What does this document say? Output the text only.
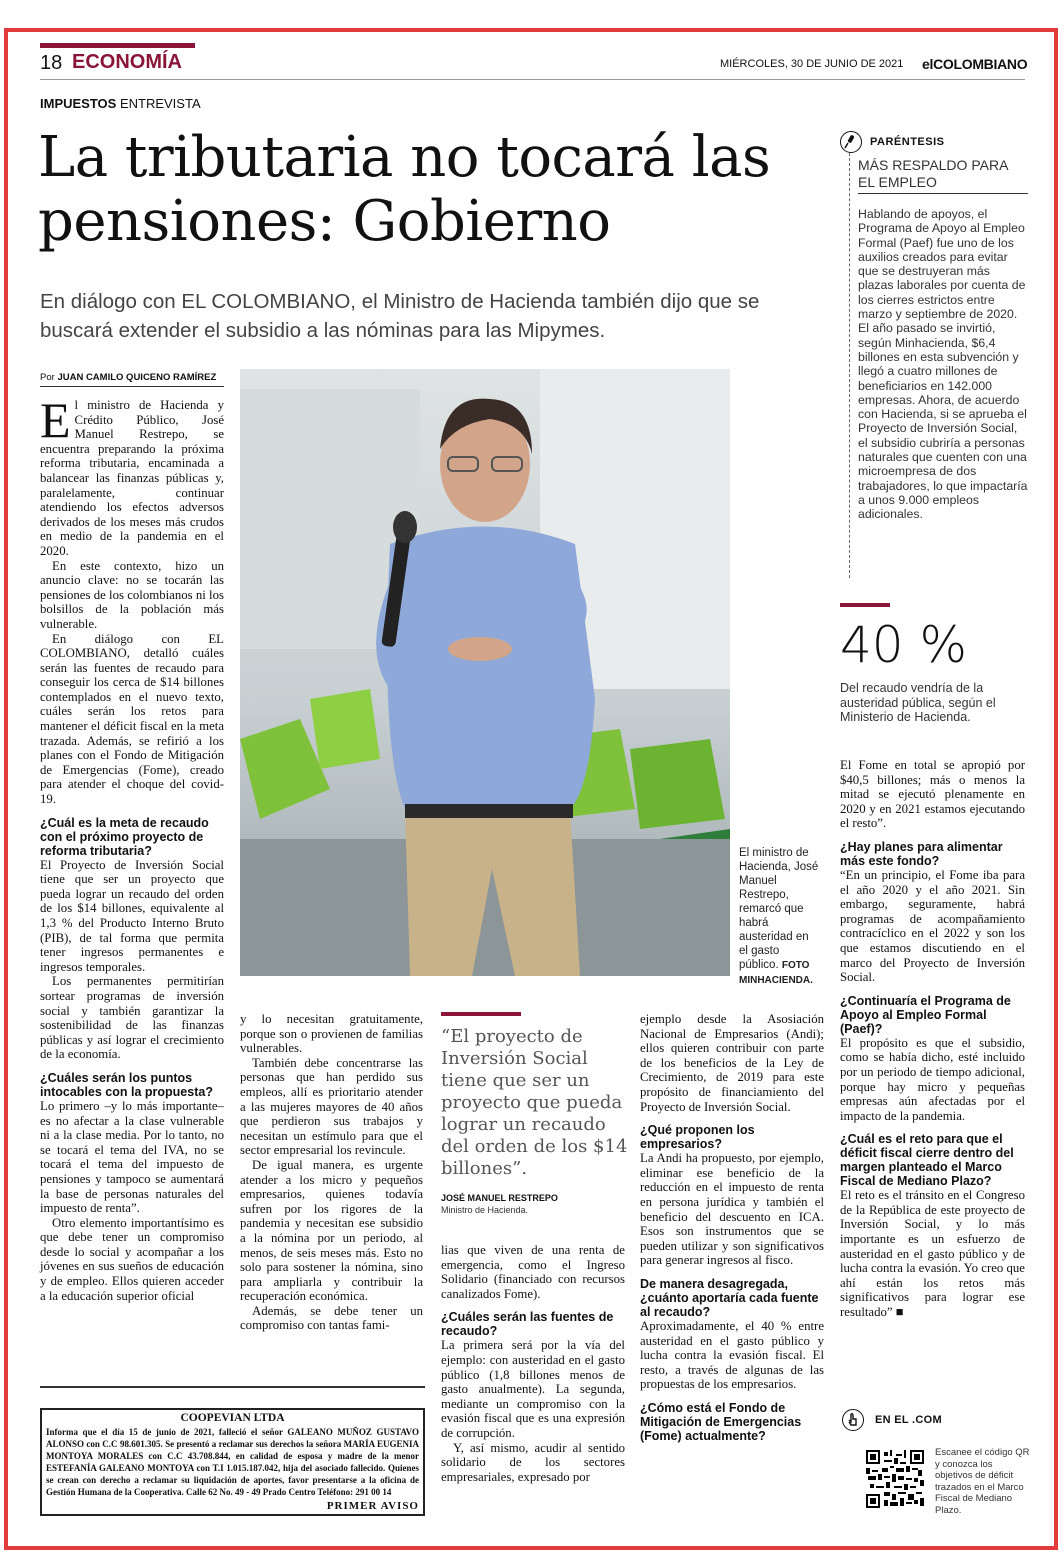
18 ECONOMÍA	MIÉRCOLES, 30 DE JUNIO DE 2021 elCOLOMBIANO
IMPUESTOS ENTREVISTA
La tributaria no tocará las pensiones: Gobierno
En diálogo con EL COLOMBIANO, el Ministro de Hacienda también dijo que se buscará extender el subsidio a las nóminas para las Mipymes.
Por JUAN CAMILO QUICENO RAMÍREZ

El ministro de Hacienda y Crédito Público, José Manuel Restrepo, se encuentra preparando la próxima reforma tributaria, encaminada a balancear las finanzas públicas y, paralelamente, continuar atendiendo los efectos adversos derivados de los meses más crudos en medio de la pandemia en el 2020.

En este contexto, hizo un anuncio clave: no se tocarán las pensiones de los colombianos ni los bolsillos de la población más vulnerable.

En diálogo con EL COLOMBIANO, detalló cuáles serán las fuentes de recaudo para conseguir los cerca de $14 billones contemplados en el nuevo texto, cuáles serán los retos para mantener el déficit fiscal en la meta trazada. Además, se refirió a los planes con el Fondo de Mitigación de Emergencias (Fome), creado para atender el choque del covid-19.

¿Cuál es la meta de recaudo con el próximo proyecto de reforma tributaria?

El Proyecto de Inversión Social tiene que ser un proyecto que pueda lograr un recaudo del orden de los $14 billones, equivalente al 1,3 % del Producto Interno Bruto (PIB), de tal forma que permita tener ingresos permanentes e ingresos temporales.

Los permanentes permitirían sortear programas de inversión social y también garantizar la sostenibilidad de las finanzas públicas y así lograr el crecimiento de la economía.

¿Cuáles serán los puntos intocables con la propuesta?

Lo primero –y lo más importante– es no afectar a la clase vulnerable ni a la clase media. Por lo tanto, no se tocará el tema del IVA, no se tocará el tema del impuesto de pensiones y tampoco se aumentará la base de personas naturales del impuesto de renta”.

Otro elemento importantísimo es que debe tener un compromiso desde lo social y acompañar a los jóvenes en sus sueños de educación y de empleo. Ellos quieren acceder a la educación superior oficial

El ministro de Hacienda, José Manuel Restrepo, remarcó que habrá austeridad en el gasto público. FOTO MINHACIENDA.

y lo necesitan gratuitamente, porque son o provienen de familias vulnerables.

También debe concentrarse las personas que han perdido sus empleos, allí es prioritario atender a las mujeres mayores de 40 años que perdieron sus trabajos y necesitan un estímulo para que el sector empresarial los revincule.

De igual manera, es urgente atender a los micro y pequeños empresarios, quienes todavía sufren por los rigores de la pandemia y necesitan ese subsidio a la nómina por un periodo, al menos, de seis meses más. Esto no solo para sostener la nómina, sino para ampliarla y contribuir la recuperación económica.

Además, se debe tener un compromiso con tantas fami-

“El proyecto de Inversión Social tiene que ser un proyecto que pueda lograr un recaudo del orden de los $14 billones”.
JOSÉ MANUEL RESTREPO
Ministro de Hacienda.

lias que viven de una renta de emergencia, como el Ingreso Solidario (financiado con recursos canalizados Fome).

¿Cuáles serán las fuentes de recaudo?

La primera será por la vía del ejemplo: con austeridad en el gasto público (1,8 billones menos de gasto anualmente). La segunda, mediante un compromiso con la evasión fiscal que es una expresión de corrupción.

Y, así mismo, acudir al sentido solidario de los sectores empresariales, expresado por

ejemplo desde la Asosiación Nacional de Empresarios (Andi); ellos quieren contribuir con parte de los beneficios de la Ley de Crecimiento, de 2019 para este propósito de financiamiento del Proyecto de Inversión Social.

¿Qué proponen los empresarios?

La Andi ha propuesto, por ejemplo, eliminar ese beneficio de la reducción en el impuesto de renta en persona jurídica y también el beneficio del descuento en ICA. Esos son instrumentos que se pueden utilizar y son significativos para generar ingresos al fisco.

De manera desagregada, ¿cuánto aportaría cada fuente al recaudo?

Aproximadamente, el 40 % entre austeridad en el gasto público y lucha contra la evasión fiscal. El resto, a través de algunas de las propuestas de los empresarios.

¿Cómo está el Fondo de Mitigación de Emergencias (Fome) actualmente?

PARÉNTESIS
MÁS RESPALDO PARA EL EMPLEO
Hablando de apoyos, el Programa de Apoyo al Empleo Formal (Paef) fue uno de los auxilios creados para evitar que se destruyeran más plazas laborales por cuenta de los cierres estrictos entre marzo y septiembre de 2020. El año pasado se invirtió, según Minhacienda, $6,4 billones en esta subvención y llegó a cuatro millones de beneficiarios en 142.000 empresas. Ahora, de acuerdo con Hacienda, si se aprueba el Proyecto de Inversión Social, el subsidio cubriría a personas naturales que cuenten con una microempresa de dos trabajadores, lo que impactaría a unos 9.000 empleos adicionales.
40 %
Del recaudo vendría de la austeridad pública, según el Ministerio de Hacienda.

El Fome en total se apropió por $40,5 billones; más o menos la mitad se ejecutó plenamente en 2020 y en 2021 estamos ejecutando el resto”.

¿Hay planes para alimentar más este fondo?

“En un principio, el Fome iba para el año 2020 y el año 2021. Sin embargo, seguramente, habrá programas de acompañamiento contracíclico en el 2022 y son los que estamos discutiendo en el marco del Proyecto de Inversión Social.

¿Continuaría el Programa de Apoyo al Empleo Formal (Paef)?

El propósito es que el subsidio, como se había dicho, esté incluido por un periodo de tiempo adicional, porque hay micro y pequeñas empresas aún afectadas por el impacto de la pandemia.

¿Cuál es el reto para que el déficit fiscal cierre dentro del margen planteado el Marco Fiscal de Mediano Plazo?

El reto es el tránsito en el Congreso de la República de este proyecto de Inversión Social, y lo más importante es un esfuerzo de austeridad en el gasto público y de lucha contra la evasión. Yo creo que ahí están los retos más significativos para lograr ese resultado” ■

COOPEVIAN LTDA
Informa que el día 15 de junio de 2021, falleció el señor GALEANO MUÑOZ GUSTAVO ALONSO con C.C 98.601.305. Se presentó a reclamar sus derechos la señora MARÍA EUGENIA MONTOYA MORALES con C.C 43.708.844, en calidad de esposa y madre de la menor ESTEFANÍA GALEANO MONTOYA con T.I 1.015.187.042, hija del asociado fallecido. Quienes se crean con derecho a reclamar su liquidación de aportes, favor presentarse a la oficina de Gestión Humana de la Cooperativa. Calle 62 No. 49 - 49 Prado Centro Teléfono: 291 00 14
PRIMER AVISO
EN EL .COM
Escanee el código QR y conozca los objetivos de déficit trazados en el Marco Fiscal de Mediano Plazo.
